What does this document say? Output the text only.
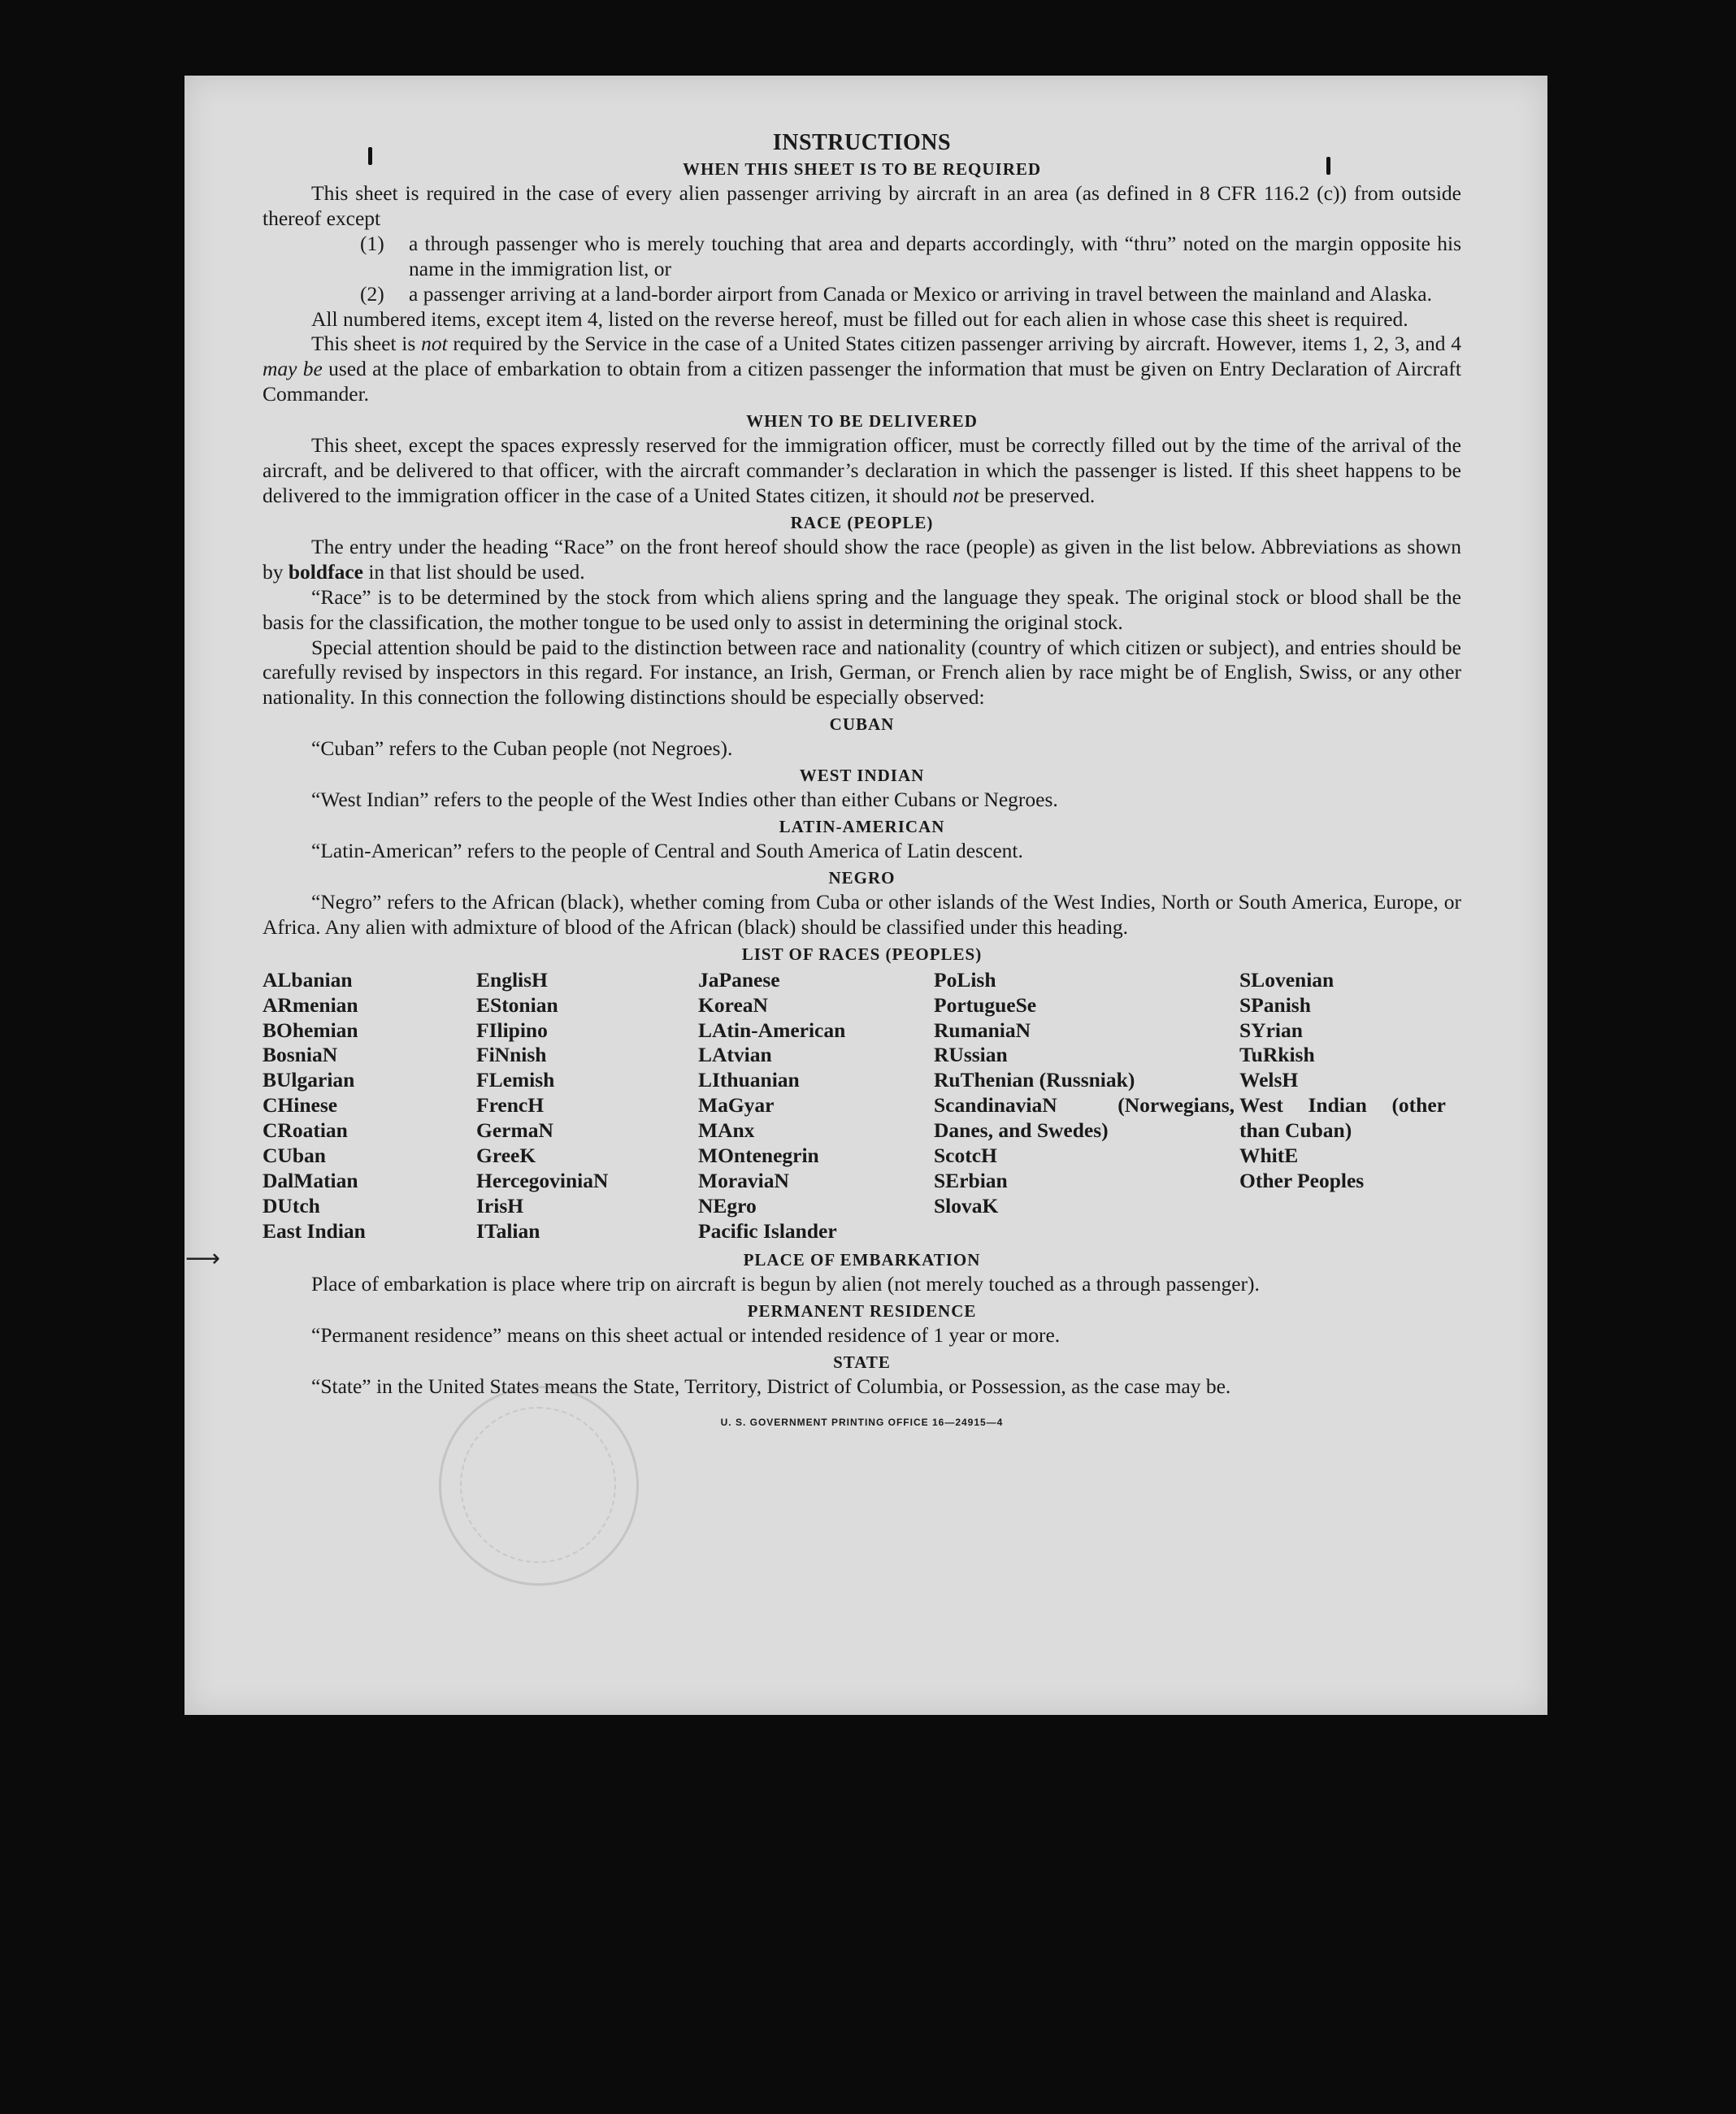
INSTRUCTIONS
WHEN THIS SHEET IS TO BE REQUIRED

This sheet is required in the case of every alien passenger arriving by aircraft in an area (as defined in 8 CFR 116.2 (c)) from outside thereof except

(1)	a through passenger who is merely touching that area and departs accordingly, with “thru” noted on the margin opposite his name in the immigration list, or
(2)	a passenger arriving at a land-border airport from Canada or Mexico or arriving in travel between the mainland and Alaska.

All numbered items, except item 4, listed on the reverse hereof, must be filled out for each alien in whose case this sheet is required.

This sheet is not required by the Service in the case of a United States citizen passenger arriving by aircraft. However, items 1, 2, 3, and 4 may be used at the place of embarkation to obtain from a citizen passenger the information that must be given on Entry Declaration of Aircraft Commander.

WHEN TO BE DELIVERED

This sheet, except the spaces expressly reserved for the immigration officer, must be correctly filled out by the time of the arrival of the aircraft, and be delivered to that officer, with the aircraft commander’s declaration in which the passenger is listed. If this sheet happens to be delivered to the immigration officer in the case of a United States citizen, it should not be preserved.

RACE (PEOPLE)

The entry under the heading “Race” on the front hereof should show the race (people) as given in the list below. Abbreviations as shown by boldface in that list should be used.

“Race” is to be determined by the stock from which aliens spring and the language they speak. The original stock or blood shall be the basis for the classification, the mother tongue to be used only to assist in determining the original stock.

Special attention should be paid to the distinction between race and nationality (country of which citizen or subject), and entries should be carefully revised by inspectors in this regard. For instance, an Irish, German, or French alien by race might be of English, Swiss, or any other nationality. In this connection the following distinctions should be especially observed:

CUBAN

“Cuban” refers to the Cuban people (not Negroes).

WEST INDIAN

“West Indian” refers to the people of the West Indies other than either Cubans or Negroes.

LATIN-AMERICAN

“Latin-American” refers to the people of Central and South America of Latin descent.

NEGRO

“Negro” refers to the African (black), whether coming from Cuba or other islands of the West Indies, North or South America, Europe, or Africa. Any alien with admixture of blood of the African (black) should be classified under this heading.

LIST OF RACES (PEOPLES)
ALbanian
ARmenian
BOhemian
BosniaN
BUlgarian
CHinese
CRoatian
CUban
DalMatian
DUtch
East Indian
EnglisH
EStonian
FIlipino
FiNnish
FLemish
FrencH
GermaN
GreeK
HercegoviniaN
IrisH
ITalian
JaPanese
KoreaN
LAtin-American
LAtvian
LIthuanian
MaGyar
MAnx
MOntenegrin
MoraviaN
NEgro
Pacific Islander
PoLish
PortugueSe
RumaniaN
RUssian
RuThenian (Russniak)
ScandinaviaN (Norwegians, Danes, and Swedes)
ScotcH
SErbian
SlovaK
SLovenian
SPanish
SYrian
TuRkish
WelsH
West Indian (other than Cuban)
WhitE
Other Peoples
PLACE OF EMBARKATION

Place of embarkation is place where trip on aircraft is begun by alien (not merely touched as a through passenger).

PERMANENT RESIDENCE

“Permanent residence” means on this sheet actual or intended residence of 1 year or more.

STATE

“State” in the United States means the State, Territory, District of Columbia, or Possession, as the case may be.

U. S. GOVERNMENT PRINTING OFFICE 16—24915—4
⟶
